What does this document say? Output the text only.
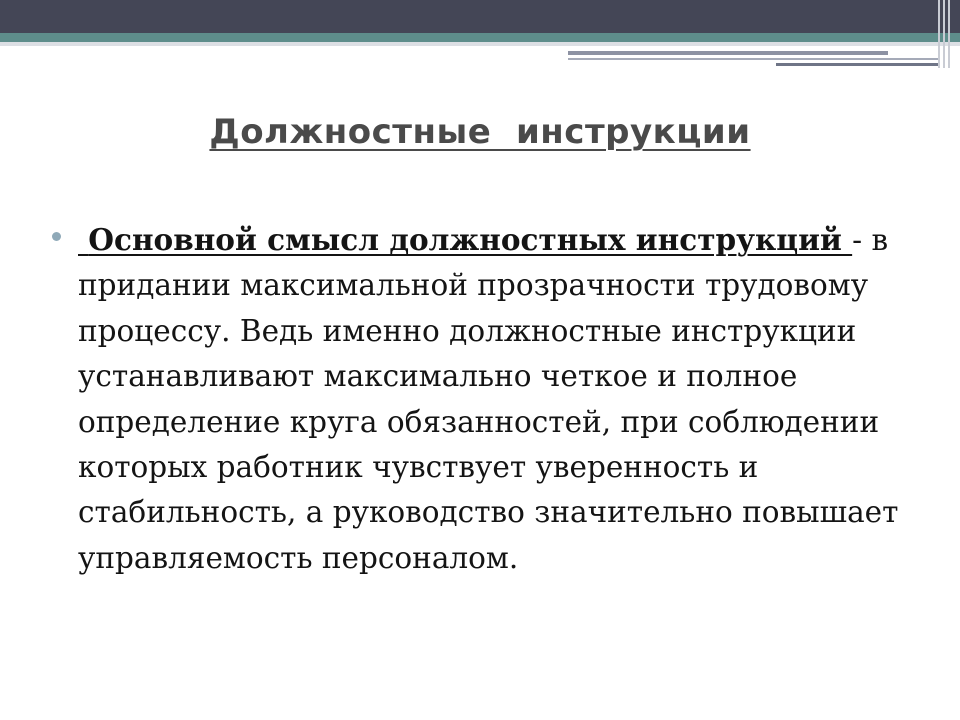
Должностные  инструкции
Основной смысл должностных инструкций - в придании максимальной прозрачности трудовому процессу. Ведь именно должностные инструкции устанавливают максимально четкое и полное определение круга обязанностей, при соблюдении которых работник чувствует уверенность и стабильность, а руководство значительно повышает управляемость персоналом.
